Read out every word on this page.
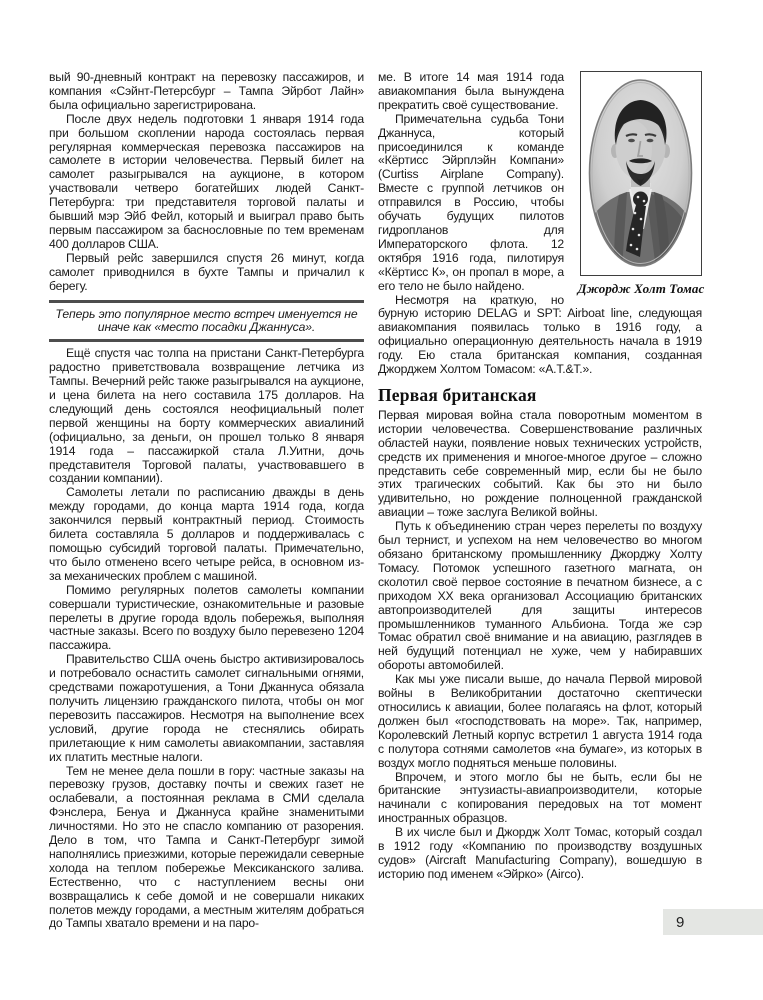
вый 90-дневный контракт на перевозку пассажиров, и компания «Сэйнт-Петерсбург – Тампа Эйрбот Лайн» была официально зарегистрирована.

После двух недель подготовки 1 января 1914 года при большом скоплении народа состоялась первая регулярная коммерческая перевозка пассажиров на самолете в истории человечества. Первый билет на самолет разыгрывался на аукционе, в котором участвовали четверо богатейших людей Санкт-Петербурга: три представителя торговой палаты и бывший мэр Эйб Фейл, который и выиграл право быть первым пассажиром за баснословные по тем временам 400 долларов США.

Первый рейс завершился спустя 26 минут, когда самолет приводнился в бухте Тампы и причалил к берегу.

Теперь это популярное место встреч именуется не иначе как «место посадки Джаннуса».

Ещё спустя час толпа на пристани Санкт-Петербурга радостно приветствовала возвращение летчика из Тампы. Вечерний рейс также разыгрывался на аукционе, и цена билета на него составила 175 долларов. На следующий день состоялся неофициальный полет первой женщины на борту коммерческих авиалиний (официально, за деньги, он прошел только 8 января 1914 года – пассажиркой стала Л.Уитни, дочь представителя Торговой палаты, участвовавшего в создании компании).

Самолеты летали по расписанию дважды в день между городами, до конца марта 1914 года, когда закончился первый контрактный период. Стоимость билета составляла 5 долларов и поддерживалась с помощью субсидий торговой палаты. Примечательно, что было отменено всего четыре рейса, в основном из-за механических проблем с машиной.

Помимо регулярных полетов самолеты компании совершали туристические, ознакомительные и разовые перелеты в другие города вдоль побережья, выполняя частные заказы. Всего по воздуху было перевезено 1204 пассажира.

Правительство США очень быстро активизировалось и потребовало оснастить самолет сигнальными огнями, средствами пожаротушения, а Тони Джаннуса обязала получить лицензию гражданского пилота, чтобы он мог перевозить пассажиров. Несмотря на выполнение всех условий, другие города не стеснялись обирать прилетающие к ним самолеты авиакомпании, заставляя их платить местные налоги.

Тем не менее дела пошли в гору: частные заказы на перевозку грузов, доставку почты и свежих газет не ослабевали, а постоянная реклама в СМИ сделала Фэнслера, Бенуа и Джаннуса крайне знаменитыми личностями. Но это не спасло компанию от разорения. Дело в том, что Тампа и Санкт-Петербург зимой наполнялись приезжими, которые пережидали северные холода на теплом побережье Мексиканского залива. Естественно, что с наступлением весны они возвращались к себе домой и не совершали никаких полетов между городами, а местным жителям добраться до Тампы хватало времени и на паро-

Джордж Холт Томас

ме. В итоге 14 мая 1914 года авиакомпания была вынуждена прекратить своё существование.

Примечательна судьба Тони Джаннуса, который присоединился к команде «Кёртисс Эйрплэйн Компани» (Curtiss Airplane Company). Вместе с группой летчиков он отправился в Россию, чтобы обучать будущих пилотов гидропланов для Императорского флота. 12 октября 1916 года, пилотируя «Кёртисс К», он пропал в море, а его тело не было найдено.

Несмотря на краткую, но бурную историю DELAG и SPT: Airboat line, следующая авиакомпания появилась только в 1916 году, а официально операционную деятельность начала в 1919 году. Ею стала британская компания, созданная Джорджем Холтом Томасом: «A.T.&T.».

Первая британская

Первая мировая война стала поворотным моментом в истории человечества. Совершенствование различных областей науки, появление новых технических устройств, средств их применения и многое-многое другое – сложно представить себе современный мир, если бы не было этих трагических событий. Как бы это ни было удивительно, но рождение полноценной гражданской авиации – тоже заслуга Великой войны.

Путь к объединению стран через перелеты по воздуху был тернист, и успехом на нем человечество во многом обязано британскому промышленнику Джорджу Холту Томасу. Потомок успешного газетного магната, он сколотил своё первое состояние в печатном бизнесе, а с приходом XX века организовал Ассоциацию британских автопроизводителей для защиты интересов промышленников туманного Альбиона. Тогда же сэр Томас обратил своё внимание и на авиацию, разглядев в ней будущий потенциал не хуже, чем у набиравших обороты автомобилей.

Как мы уже писали выше, до начала Первой мировой войны в Великобритании достаточно скептически относились к авиации, более полагаясь на флот, который должен был «господствовать на море». Так, например, Королевский Летный корпус встретил 1 августа 1914 года с полутора сотнями самолетов «на бумаге», из которых в воздух могло подняться меньше половины.

Впрочем, и этого могло бы не быть, если бы не британские энтузиасты-авиапроизводители, которые начинали с копирования передовых на тот момент иностранных образцов.

В их числе был и Джордж Холт Томас, который создал в 1912 году «Компанию по производству воздушных судов» (Aircraft Manufacturing Company), вошедшую в историю под именем «Эйрко» (Airco).

9
